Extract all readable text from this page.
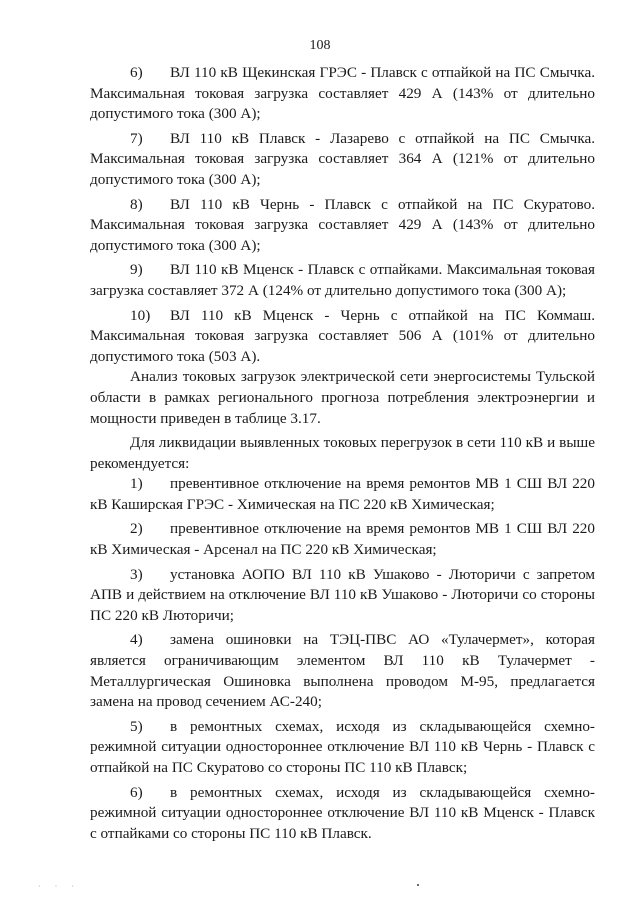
108

6) ВЛ 110 кВ Щекинская ГРЭС - Плавск с отпайкой на ПС Смычка. Максимальная токовая загрузка составляет 429 А (143% от длительно допустимого тока (300 А);

7) ВЛ 110 кВ Плавск - Лазарево с отпайкой на ПС Смычка. Максимальная токовая загрузка составляет 364 А (121% от длительно допустимого тока (300 А);

8) ВЛ 110 кВ Чернь - Плавск с отпайкой на ПС Скуратово. Максимальная токовая загрузка составляет 429 А (143% от длительно допустимого тока (300 А);

9) ВЛ 110 кВ Мценск - Плавск с отпайками. Максимальная токовая загрузка составляет 372 А (124% от длительно допустимого тока (300 А);

10) ВЛ 110 кВ Мценск - Чернь с отпайкой на ПС Коммаш. Максимальная токовая загрузка составляет 506 А (101% от длительно допустимого тока (503 А).

Анализ токовых загрузок электрической сети энергосистемы Тульской области в рамках регионального прогноза потребления электроэнергии и мощности приведен в таблице 3.17.

Для ликвидации выявленных токовых перегрузок в сети 110 кВ и выше рекомендуется:

1) превентивное отключение на время ремонтов МВ 1 СШ ВЛ 220 кВ Каширская ГРЭС - Химическая на ПС 220 кВ Химическая;

2) превентивное отключение на время ремонтов МВ 1 СШ ВЛ 220 кВ Химическая - Арсенал на ПС 220 кВ Химическая;

3) установка АОПО ВЛ 110 кВ Ушаково - Лютоpичи с запретом АПВ и действием на отключение ВЛ 110 кВ Ушаково - Лютоpичи со стороны ПС 220 кВ Лютоpичи;

4) замена ошиновки на ТЭЦ-ПВС АО «Тулачермет», которая является ограничивающим элементом ВЛ 110 кВ Тулачермет - Металлургическая Ошиновка выполнена проводом М-95, предлагается замена на провод сечением АС-240;

5) в ремонтных схемах, исходя из складывающейся схемно-режимной ситуации одностороннее отключение ВЛ 110 кВ Чернь - Плавск с отпайкой на ПС Скуратово со стороны ПС 110 кВ Плавск;

6) в ремонтных схемах, исходя из складывающейся схемно-режимной ситуации одностороннее отключение ВЛ 110 кВ Мценск - Плавск с отпайками со стороны ПС 110 кВ Плавск.

· · ·
